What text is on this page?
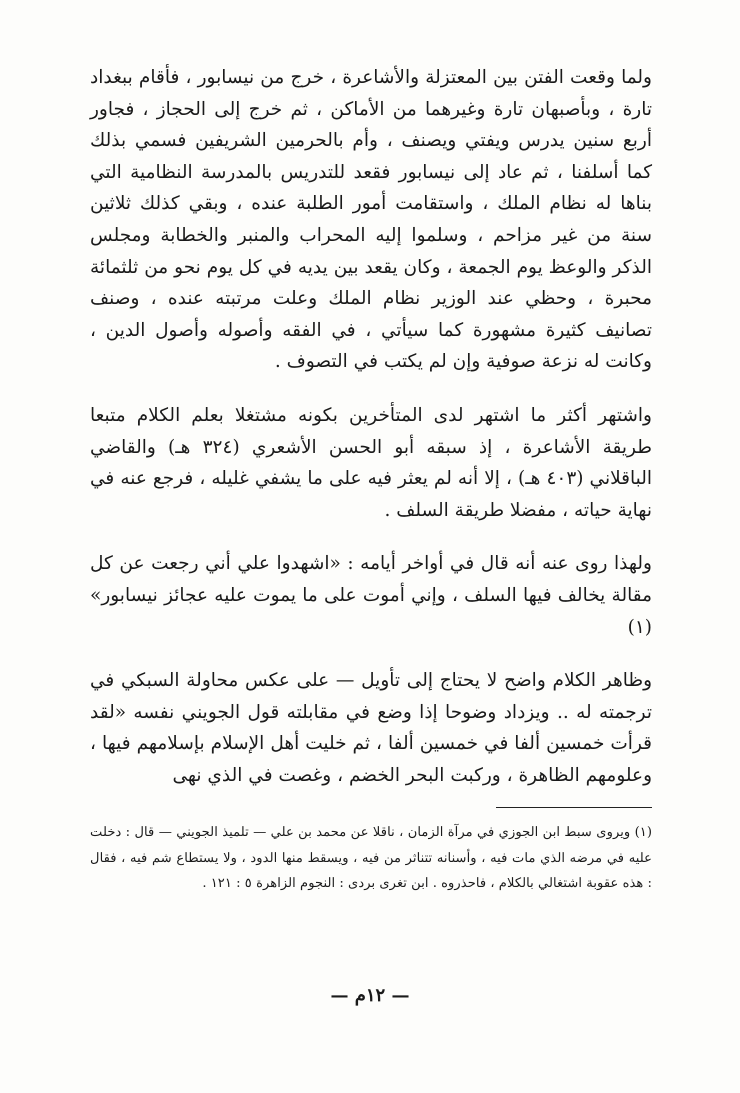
ولما وقعت الفتن بين المعتزلة والأشاعرة ، خرج من نيسابور ، فأقام ببغداد تارة ، وبأصبهان تارة وغيرهما من الأماكن ، ثم خرج إلى الحجاز ، فجاور أربع سنين يدرس ويفتي ويصنف ، وأم بالحرمين الشريفين فسمي بذلك كما أسلفنا ، ثم عاد إلى نيسابور فقعد للتدريس بالمدرسة النظامية التي بناها له نظام الملك ، واستقامت أمور الطلبة عنده ، وبقي كذلك ثلاثين سنة من غير مزاحم ، وسلموا إليه المحراب والمنبر والخطابة ومجلس الذكر والوعظ يوم الجمعة ، وكان يقعد بين يديه في كل يوم نحو من ثلثمائة محبرة ، وحظي عند الوزير نظام الملك وعلت مرتبته عنده ، وصنف تصانيف كثيرة مشهورة كما سيأتي ، في الفقه وأصوله وأصول الدين ، وكانت له نزعة صوفية وإن لم يكتب في التصوف .

واشتهر أكثر ما اشتهر لدى المتأخرين بكونه مشتغلا بعلم الكلام متبعا طريقة الأشاعرة ، إذ سبقه أبو الحسن الأشعري (٣٢٤ هـ) والقاضي الباقلاني (٤٠٣ هـ) ، إلا أنه لم يعثر فيه على ما يشفي غليله ، فرجع عنه في نهاية حياته ، مفضلا طريقة السلف .

ولهذا روى عنه أنه قال في أواخر أيامه : «اشهدوا علي أني رجعت عن كل مقالة يخالف فيها السلف ، وإني أموت على ما يموت عليه عجائز نيسابور» (١)

وظاهر الكلام واضح لا يحتاج إلى تأويل — على عكس محاولة السبكي في ترجمته له .. ويزداد وضوحا إذا وضع في مقابلته قول الجويني نفسه «لقد قرأت خمسين ألفا في خمسين ألفا ، ثم خليت أهل الإسلام بإسلامهم فيها ، وعلومهم الظاهرة ، وركبت البحر الخضم ، وغصت في الذي نهى

(١) ويروى سبط ابن الجوزي في مرآة الزمان ، ناقلا عن محمد بن علي — تلميذ الجويني — قال : دخلت عليه في مرضه الذي مات فيه ، وأسنانه تتناثر من فيه ، ويسقط منها الدود ، ولا يستطاع شم فيه ، فقال : هذه عقوبة اشتغالي بالكلام ، فاحذروه . ابن تغرى بردى : النجوم الزاهرة ٥ : ١٢١ .

— ١٢م —
